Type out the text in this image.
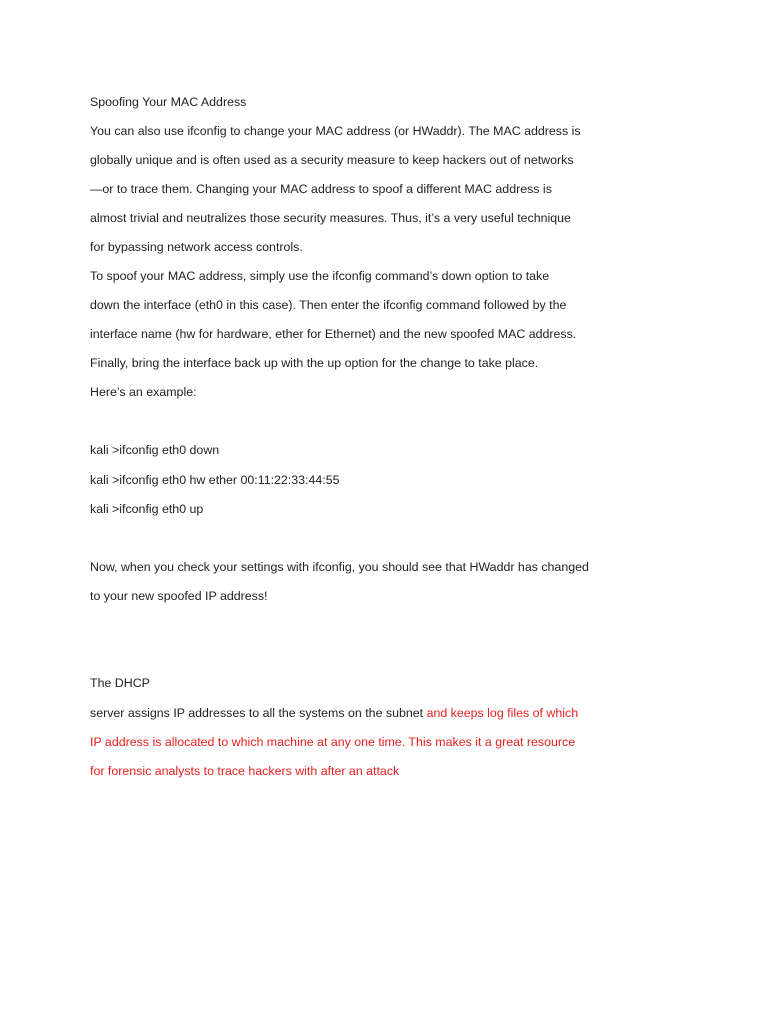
Spoofing Your MAC Address
You can also use ifconfig to change your MAC address (or HWaddr). The MAC address is
globally unique and is often used as a security measure to keep hackers out of networks
—or to trace them. Changing your MAC address to spoof a different MAC address is
almost trivial and neutralizes those security measures. Thus, it’s a very useful technique
for bypassing network access controls.
To spoof your MAC address, simply use the ifconfig command’s down option to take
down the interface (eth0 in this case). Then enter the ifconfig command followed by the
interface name (hw for hardware, ether for Ethernet) and the new spoofed MAC address.
Finally, bring the interface back up with the up option for the change to take place.
Here’s an example:
kali >ifconfig eth0 down
kali >ifconfig eth0 hw ether 00:11:22:33:44:55
kali >ifconfig eth0 up
Now, when you check your settings with ifconfig, you should see that HWaddr has changed
to your new spoofed IP address!
The DHCP
server assigns IP addresses to all the systems on the subnet and keeps log files of which
IP address is allocated to which machine at any one time. This makes it a great resource
for forensic analysts to trace hackers with after an attack
